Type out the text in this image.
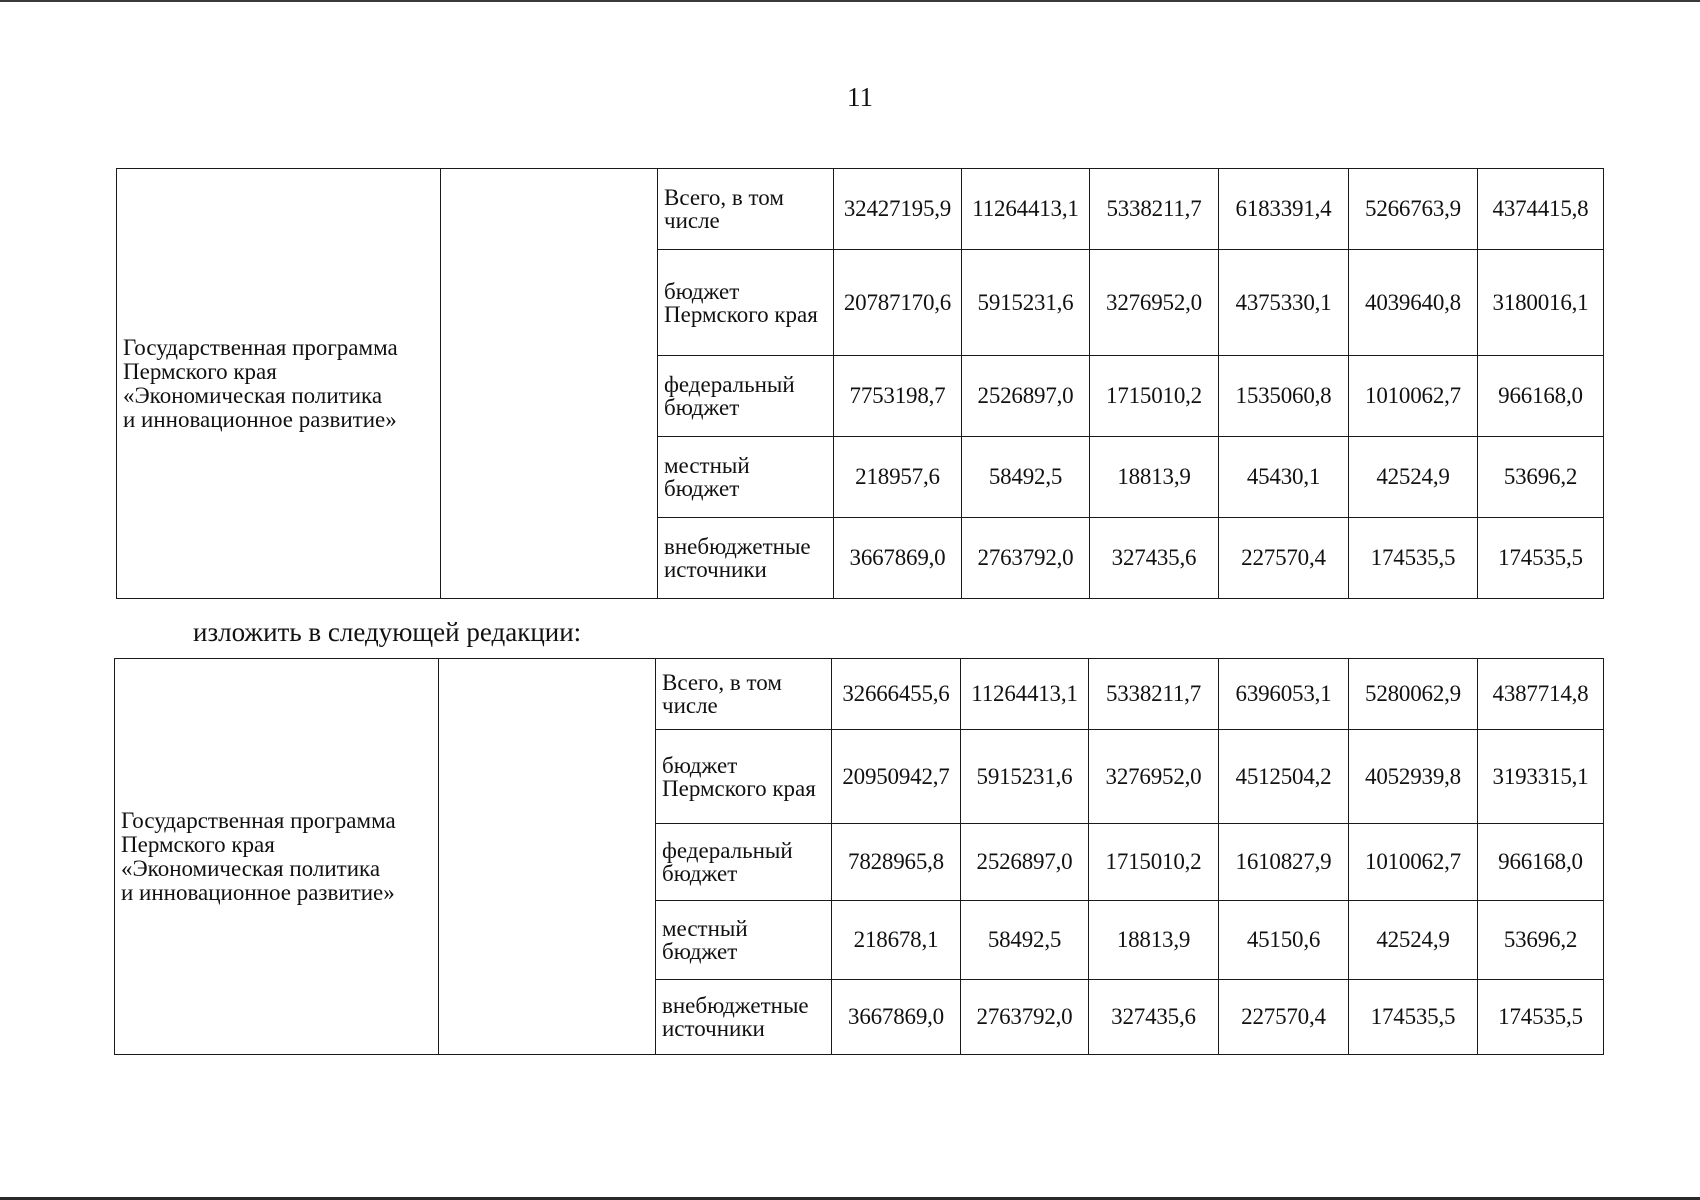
11
Государственная программа
Пермского края
«Экономическая политика
и инновационное развитие»		Всего, в том числе	32427195,9	11264413,1	5338211,7	6183391,4	5266763,9	4374415,8
		бюджет Пермского края	20787170,6	5915231,6	3276952,0	4375330,1	4039640,8	3180016,1
		федеральный бюджет	7753198,7	2526897,0	1715010,2	1535060,8	1010062,7	966168,0
		местный бюджет	218957,6	58492,5	18813,9	45430,1	42524,9	53696,2
		внебюджетные источники	3667869,0	2763792,0	327435,6	227570,4	174535,5	174535,5
изложить в следующей редакции:
Государственная программа
Пермского края
«Экономическая политика
и инновационное развитие»		Всего, в том числе	32666455,6	11264413,1	5338211,7	6396053,1	5280062,9	4387714,8
		бюджет Пермского края	20950942,7	5915231,6	3276952,0	4512504,2	4052939,8	3193315,1
		федеральный бюджет	7828965,8	2526897,0	1715010,2	1610827,9	1010062,7	966168,0
		местный бюджет	218678,1	58492,5	18813,9	45150,6	42524,9	53696,2
		внебюджетные источники	3667869,0	2763792,0	327435,6	227570,4	174535,5	174535,5
